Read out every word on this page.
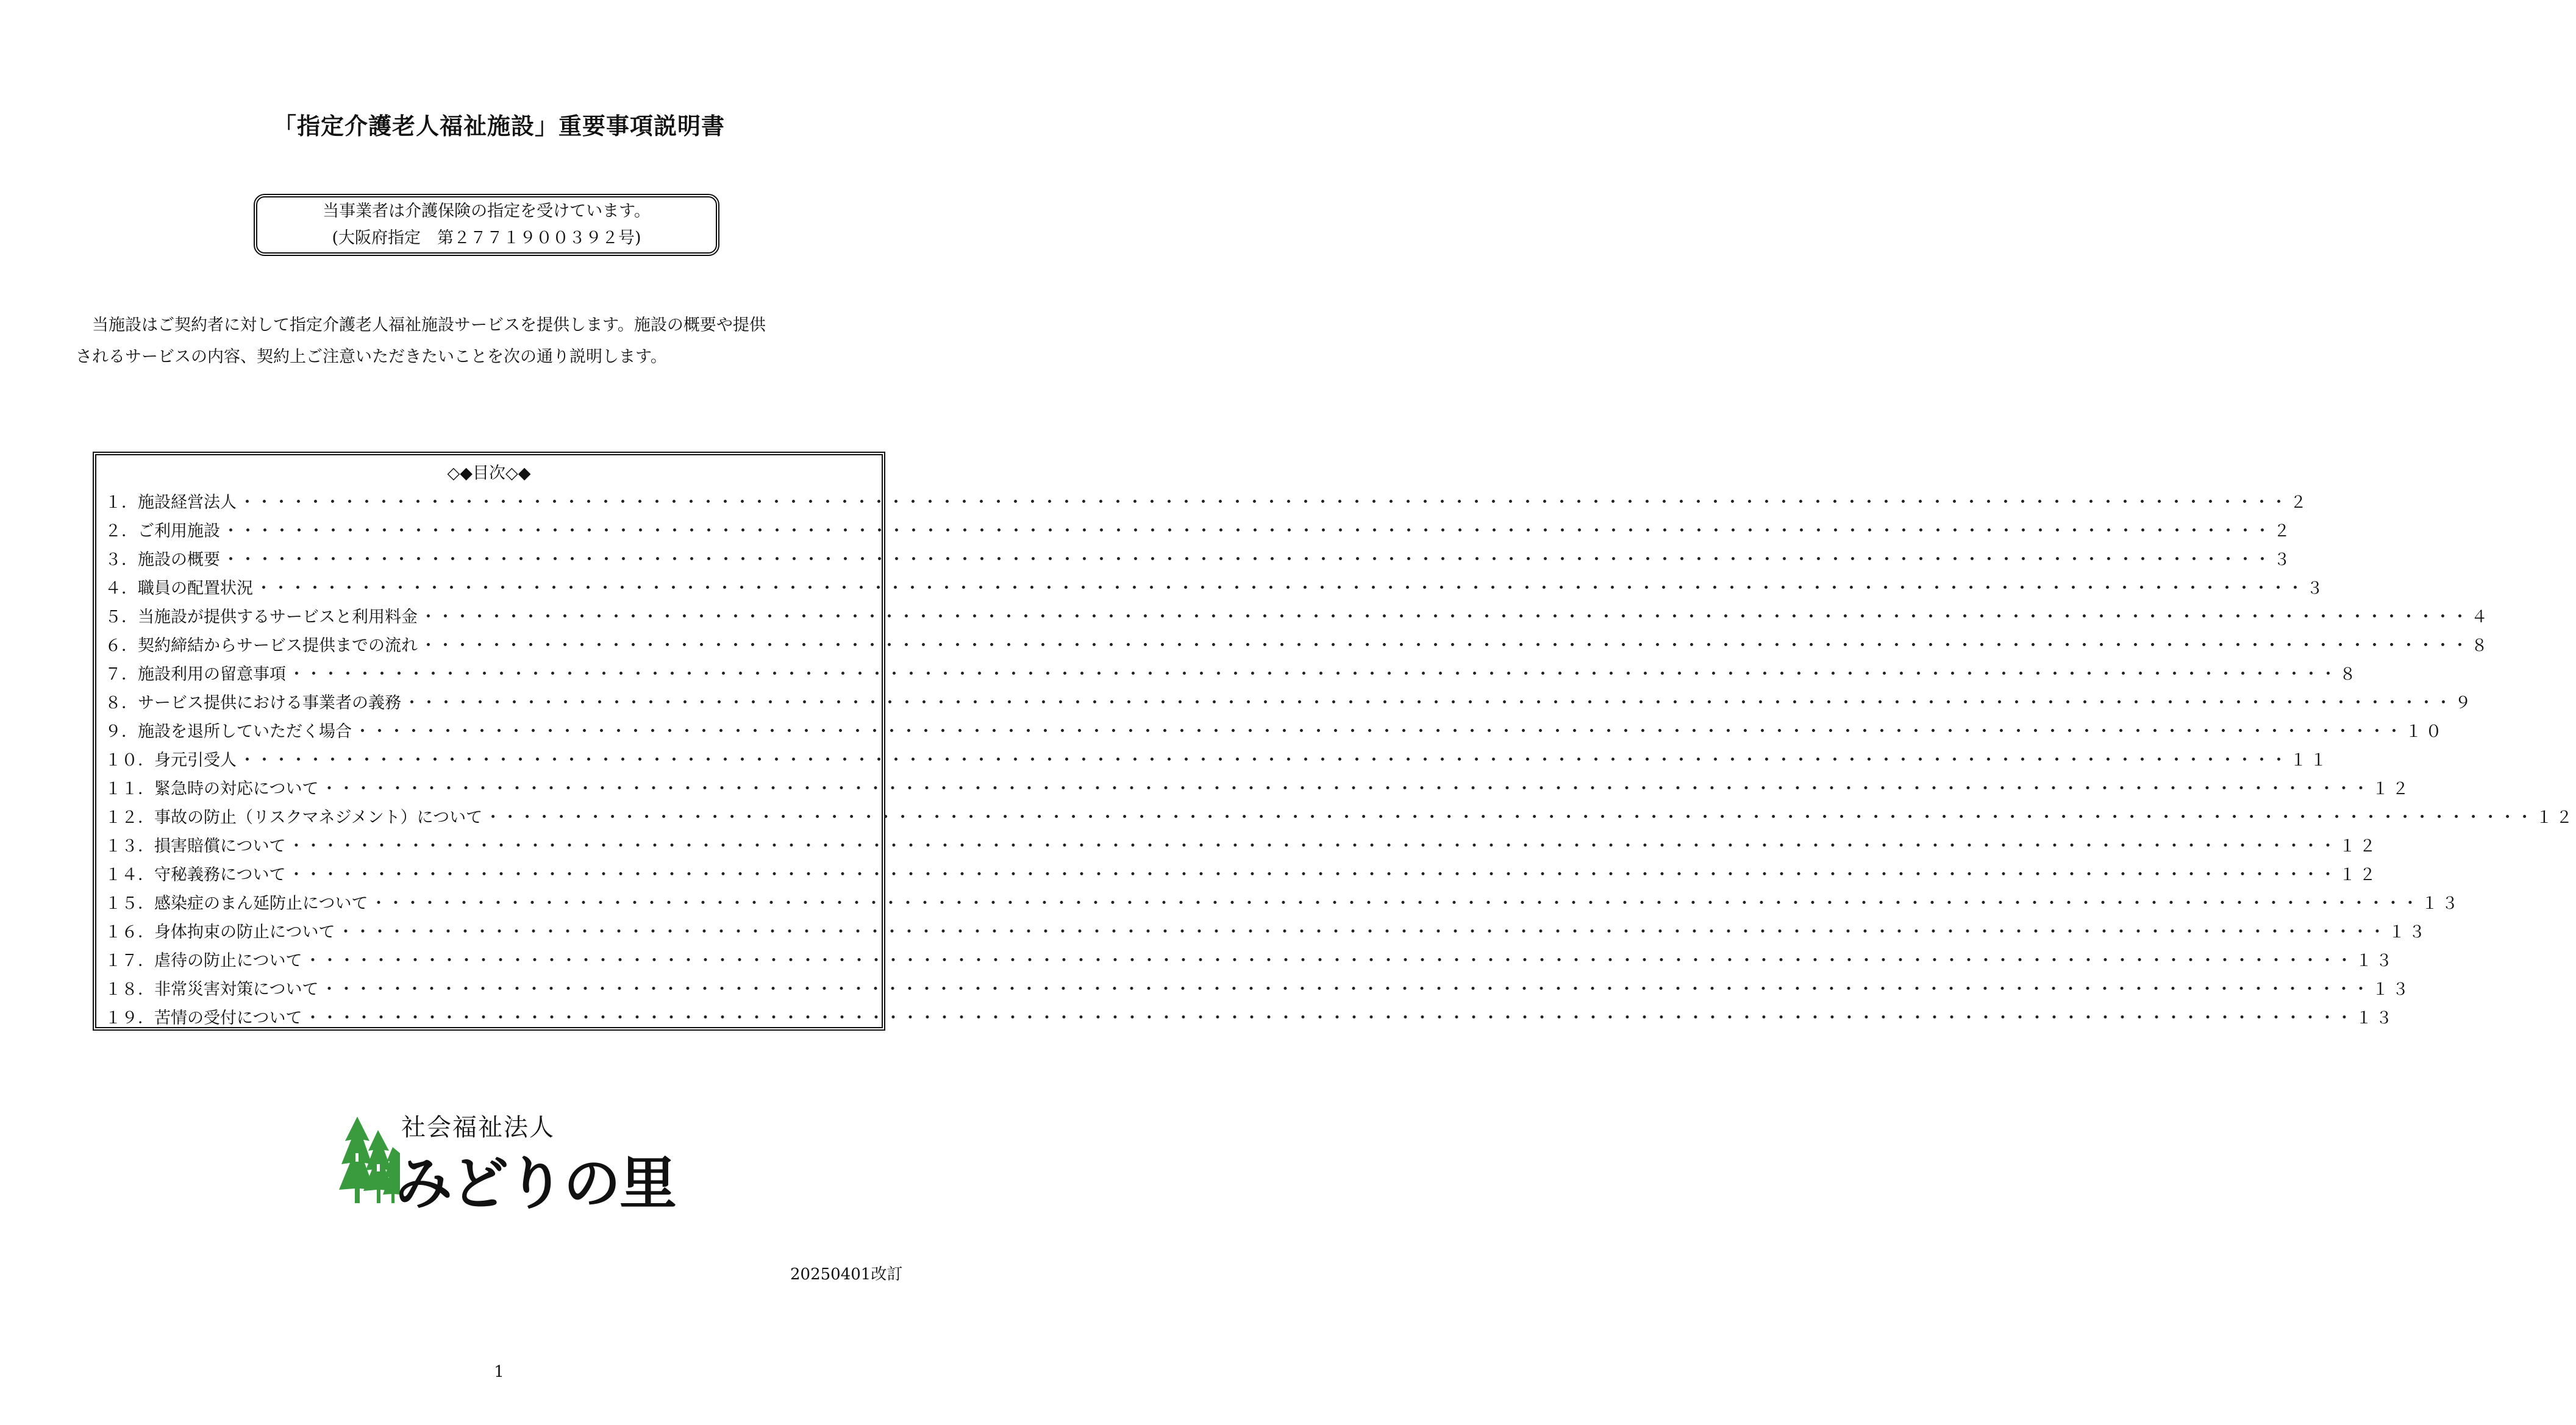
「指定介護老人福祉施設」重要事項説明書
当事業者は介護保険の指定を受けています。
(大阪府指定　第２７７１９００３９２号)

　当施設はご契約者に対して指定介護老人福祉施設サービスを提供します。施設の概要や提供

されるサービスの内容、契約上ご注意いただきたいことを次の通り説明します。

◇◆目次◇◆
１．施設経営法人 ・・・・・・・・・・・・・・・・・・・・・・・・・・・・・・・・・・・・・・・・・・・・・・・・・・・・・・・・・・・・・・・・・・・・・・・・・・・・・・・・・・・・・・・・・・・・・・・・・・・・・・・・・・・・・・・・・・・・・・・・ ２
２．ご利用施設 ・・・・・・・・・・・・・・・・・・・・・・・・・・・・・・・・・・・・・・・・・・・・・・・・・・・・・・・・・・・・・・・・・・・・・・・・・・・・・・・・・・・・・・・・・・・・・・・・・・・・・・・・・・・・・・・・・・・・・・・・ ２
３．施設の概要 ・・・・・・・・・・・・・・・・・・・・・・・・・・・・・・・・・・・・・・・・・・・・・・・・・・・・・・・・・・・・・・・・・・・・・・・・・・・・・・・・・・・・・・・・・・・・・・・・・・・・・・・・・・・・・・・・・・・・・・・・ ３
４．職員の配置状況 ・・・・・・・・・・・・・・・・・・・・・・・・・・・・・・・・・・・・・・・・・・・・・・・・・・・・・・・・・・・・・・・・・・・・・・・・・・・・・・・・・・・・・・・・・・・・・・・・・・・・・・・・・・・・・・・・・・・・・・・・ ３
５．当施設が提供するサービスと利用料金 ・・・・・・・・・・・・・・・・・・・・・・・・・・・・・・・・・・・・・・・・・・・・・・・・・・・・・・・・・・・・・・・・・・・・・・・・・・・・・・・・・・・・・・・・・・・・・・・・・・・・・・・・・・・・・・・・・・・・・・・・ ４
６．契約締結からサービス提供までの流れ ・・・・・・・・・・・・・・・・・・・・・・・・・・・・・・・・・・・・・・・・・・・・・・・・・・・・・・・・・・・・・・・・・・・・・・・・・・・・・・・・・・・・・・・・・・・・・・・・・・・・・・・・・・・・・・・・・・・・・・・・ ８
７．施設利用の留意事項 ・・・・・・・・・・・・・・・・・・・・・・・・・・・・・・・・・・・・・・・・・・・・・・・・・・・・・・・・・・・・・・・・・・・・・・・・・・・・・・・・・・・・・・・・・・・・・・・・・・・・・・・・・・・・・・・・・・・・・・・・ ８
８．サービス提供における事業者の義務 ・・・・・・・・・・・・・・・・・・・・・・・・・・・・・・・・・・・・・・・・・・・・・・・・・・・・・・・・・・・・・・・・・・・・・・・・・・・・・・・・・・・・・・・・・・・・・・・・・・・・・・・・・・・・・・・・・・・・・・・・ ９
９．施設を退所していただく場合 ・・・・・・・・・・・・・・・・・・・・・・・・・・・・・・・・・・・・・・・・・・・・・・・・・・・・・・・・・・・・・・・・・・・・・・・・・・・・・・・・・・・・・・・・・・・・・・・・・・・・・・・・・・・・・・・・・・・・・・・・ １０
１０．身元引受人 ・・・・・・・・・・・・・・・・・・・・・・・・・・・・・・・・・・・・・・・・・・・・・・・・・・・・・・・・・・・・・・・・・・・・・・・・・・・・・・・・・・・・・・・・・・・・・・・・・・・・・・・・・・・・・・・・・・・・・・・・ １１
１１．緊急時の対応について ・・・・・・・・・・・・・・・・・・・・・・・・・・・・・・・・・・・・・・・・・・・・・・・・・・・・・・・・・・・・・・・・・・・・・・・・・・・・・・・・・・・・・・・・・・・・・・・・・・・・・・・・・・・・・・・・・・・・・・・・ １２
１２．事故の防止（リスクマネジメント）について ・・・・・・・・・・・・・・・・・・・・・・・・・・・・・・・・・・・・・・・・・・・・・・・・・・・・・・・・・・・・・・・・・・・・・・・・・・・・・・・・・・・・・・・・・・・・・・・・・・・・・・・・・・・・・・・・・・・・・・・・ １２
１３．損害賠償について ・・・・・・・・・・・・・・・・・・・・・・・・・・・・・・・・・・・・・・・・・・・・・・・・・・・・・・・・・・・・・・・・・・・・・・・・・・・・・・・・・・・・・・・・・・・・・・・・・・・・・・・・・・・・・・・・・・・・・・・・ １２
１４．守秘義務について ・・・・・・・・・・・・・・・・・・・・・・・・・・・・・・・・・・・・・・・・・・・・・・・・・・・・・・・・・・・・・・・・・・・・・・・・・・・・・・・・・・・・・・・・・・・・・・・・・・・・・・・・・・・・・・・・・・・・・・・・ １２
１５．感染症のまん延防止について ・・・・・・・・・・・・・・・・・・・・・・・・・・・・・・・・・・・・・・・・・・・・・・・・・・・・・・・・・・・・・・・・・・・・・・・・・・・・・・・・・・・・・・・・・・・・・・・・・・・・・・・・・・・・・・・・・・・・・・・・ １３
１６．身体拘束の防止について ・・・・・・・・・・・・・・・・・・・・・・・・・・・・・・・・・・・・・・・・・・・・・・・・・・・・・・・・・・・・・・・・・・・・・・・・・・・・・・・・・・・・・・・・・・・・・・・・・・・・・・・・・・・・・・・・・・・・・・・・ １３
１７．虐待の防止について ・・・・・・・・・・・・・・・・・・・・・・・・・・・・・・・・・・・・・・・・・・・・・・・・・・・・・・・・・・・・・・・・・・・・・・・・・・・・・・・・・・・・・・・・・・・・・・・・・・・・・・・・・・・・・・・・・・・・・・・・ １３
１８．非常災害対策について ・・・・・・・・・・・・・・・・・・・・・・・・・・・・・・・・・・・・・・・・・・・・・・・・・・・・・・・・・・・・・・・・・・・・・・・・・・・・・・・・・・・・・・・・・・・・・・・・・・・・・・・・・・・・・・・・・・・・・・・・ １３
１９．苦情の受付について ・・・・・・・・・・・・・・・・・・・・・・・・・・・・・・・・・・・・・・・・・・・・・・・・・・・・・・・・・・・・・・・・・・・・・・・・・・・・・・・・・・・・・・・・・・・・・・・・・・・・・・・・・・・・・・・・・・・・・・・・ １３
社会福祉法人
みどりの里
20250401改訂
1
